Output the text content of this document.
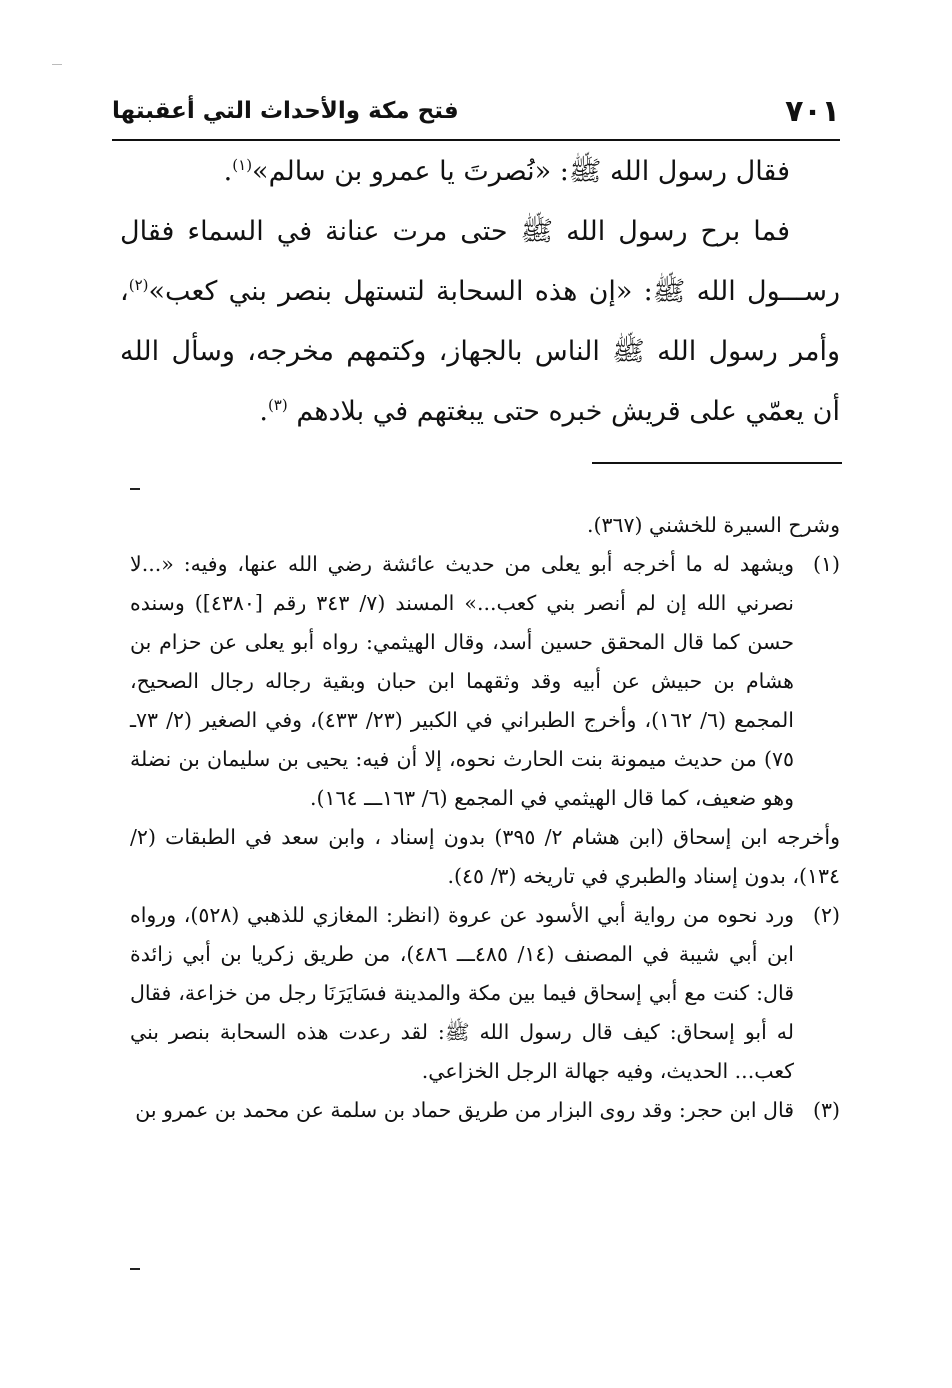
٧٠١
فتح مكة والأحداث التي أعقبتها

فقال رسول الله ﷺ: «نُصرتَ يا عمرو بن سالم»$^{(١)}$.

فما برح رسول الله ﷺ حتى مرت عنانة في السماء فقال رســـول الله ﷺ: «إن هذه السحابة لتستهل بنصر بني كعب»$^{(٢)}$، وأمر رسول الله ﷺ الناس بالجهاز، وكتمهم مخرجه، وسأل الله أن يعمّي على قريش خبره حتى يبغتهم في بلادهم $^{(٣)}$.

وشرح السيرة للخشني (٣٦٧).

(١)
ويشهد له ما أخرجه أبو يعلى من حديث عائشة رضي الله عنها، وفيه: «...لا نصرني الله إن لم أنصر بني كعب...» المسند (٧/ ٣٤٣ رقم [٤٣٨٠]) وسنده حسن كما قال المحقق حسين أسد، وقال الهيثمي: رواه أبو يعلى عن حزام بن هشام بن حبيش عن أبيه وقد وثقهما ابن حبان وبقية رجاله رجال الصحيح، المجمع (٦/ ١٦٢)، وأخرج الطبراني في الكبير (٢٣/ ٤٣٣)، وفي الصغير (٢/ ٧٣ـ ٧٥) من حديث ميمونة بنت الحارث نحوه، إلا أن فيه: يحيى بن سليمان بن نضلة وهو ضعيف، كما قال الهيثمي في المجمع (٦/ ١٦٣ـــ ١٦٤).

وأخرجه ابن إسحاق (ابن هشام ٢/ ٣٩٥) بدون إسناد ، وابن سعد في الطبقات (٢/ ١٣٤)، بدون إسناد والطبري في تاريخه (٣/ ٤٥).

(٢)
ورد نحوه من رواية أبي الأسود عن عروة (انظر: المغازي للذهبي (٥٢٨)، ورواه ابن أبي شيبة في المصنف (١٤/ ٤٨٥ـــ ٤٨٦)، من طريق زكريا بن أبي زائدة قال: كنت مع أبي إسحاق فيما بين مكة والمدينة فسَايَرَنَا رجل من خزاعة، فقال له أبو إسحاق: كيف قال رسول الله ﷺ: لقد رعدت هذه السحابة بنصر بني كعب... الحديث، وفيه جهالة الرجل الخزاعي.
(٣)
قال ابن حجر: وقد روى البزار من طريق حماد بن سلمة عن محمد بن عمرو بن
